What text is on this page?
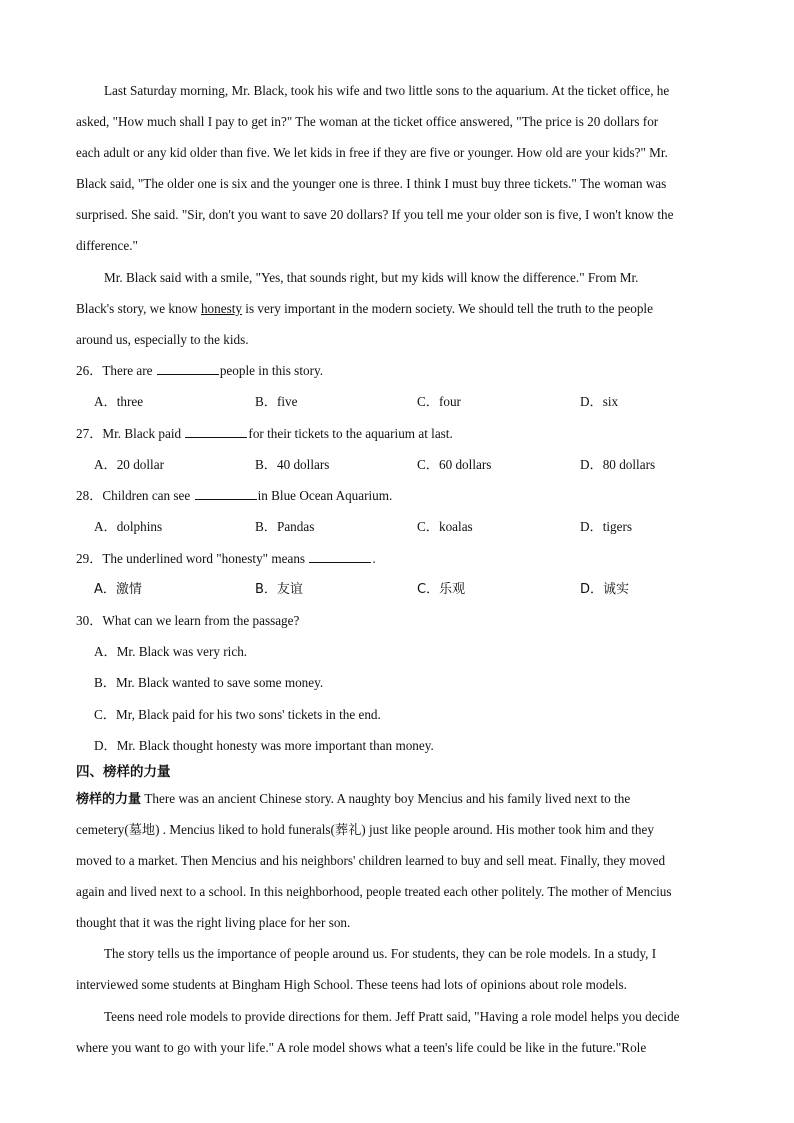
Last Saturday morning, Mr. Black, took his wife and two little sons to the aquarium. At the ticket office, he
asked, "How much shall I pay to get in?" The woman at the ticket office answered, "The price is 20 dollars for
each adult or any kid older than five. We let kids in free if they are five or younger. How old are your kids?" Mr.
Black said, "The older one is six and the younger one is three. I think I must buy three tickets." The woman was
surprised. She said. "Sir, don't you want to save 20 dollars? If you tell me your older son is five, I won't know the
difference."
Mr. Black said with a smile, "Yes, that sounds right, but my kids will know the difference." From Mr.
Black's story, we know honesty is very important in the modern society. We should tell the truth to the people
around us, especially to the kids.
26．There are	people in this story.
A．three	B．five	C．four	D．six
27．Mr. Black paid	for their tickets to the aquarium at last.
A．20 dollar	B．40 dollars	C．60 dollars	D．80 dollars
28．Children can see	in Blue Ocean Aquarium.
A．dolphins	B．Pandas	C．koalas	D．tigers
29．The underlined word "honesty" means	.
A．激情	B．友谊	C．乐观	D．诚实
30．What can we learn from the passage?
A．Mr. Black was very rich.
B．Mr. Black wanted to save some money.
C．Mr, Black paid for his two sons' tickets in the end.
D．Mr. Black thought honesty was more important than money.
四、榜样的力量
榜样的力量 There was an ancient Chinese story. A naughty boy Mencius and his family lived next to the
cemetery(墓地) . Mencius liked to hold funerals(葬礼) just like people around. His mother took him and they
moved to a market. Then Mencius and his neighbors' children learned to buy and sell meat. Finally, they moved
again and lived next to a school. In this neighborhood, people treated each other politely. The mother of Mencius
thought that it was the right living place for her son.
The story tells us the importance of people around us. For students, they can be role models. In a study, I
interviewed some students at Bingham High School. These teens had lots of opinions about role models.
Teens need role models to provide directions for them. Jeff Pratt said, "Having a role model helps you decide
where you want to go with your life." A role model shows what a teen's life could be like in the future."Role
